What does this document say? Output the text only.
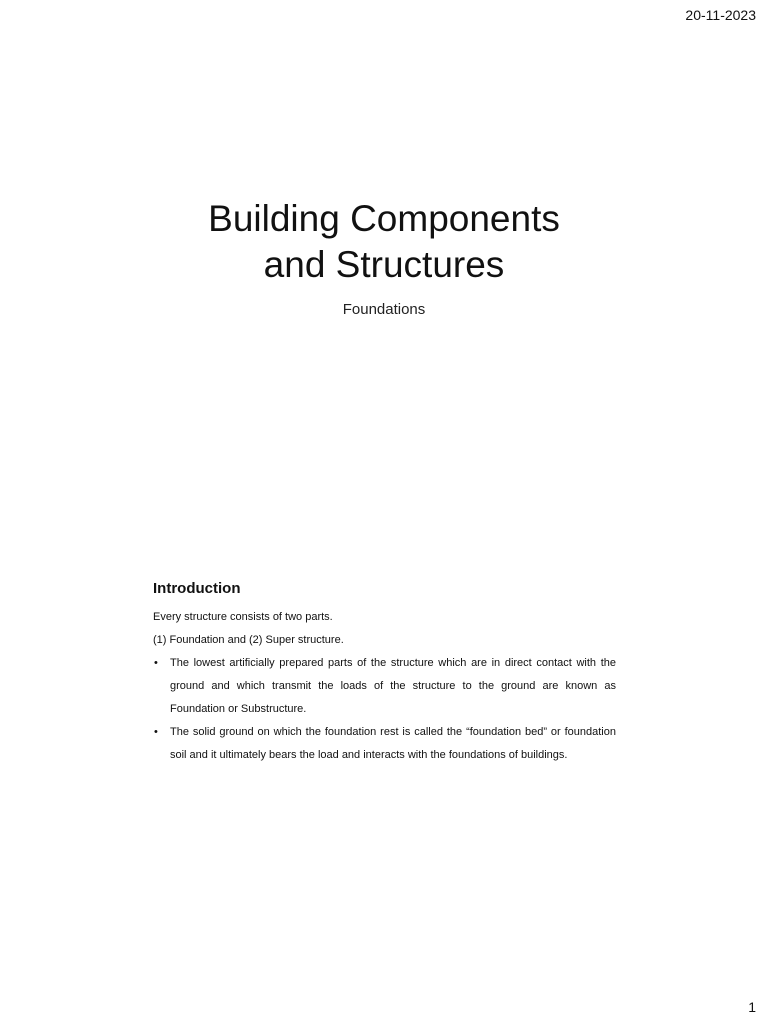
20-11-2023
Building Components
and Structures
Foundations
Introduction

Every structure consists of two parts.

(1) Foundation and (2) Super structure.

• The lowest artificially prepared parts of the structure which are in direct contact with the ground and which transmit the loads of the structure to the ground are known as Foundation or Substructure.
• The solid ground on which the foundation rest is called the “foundation bed” or foundation soil and it ultimately bears the load and interacts with the foundations of buildings.
1
